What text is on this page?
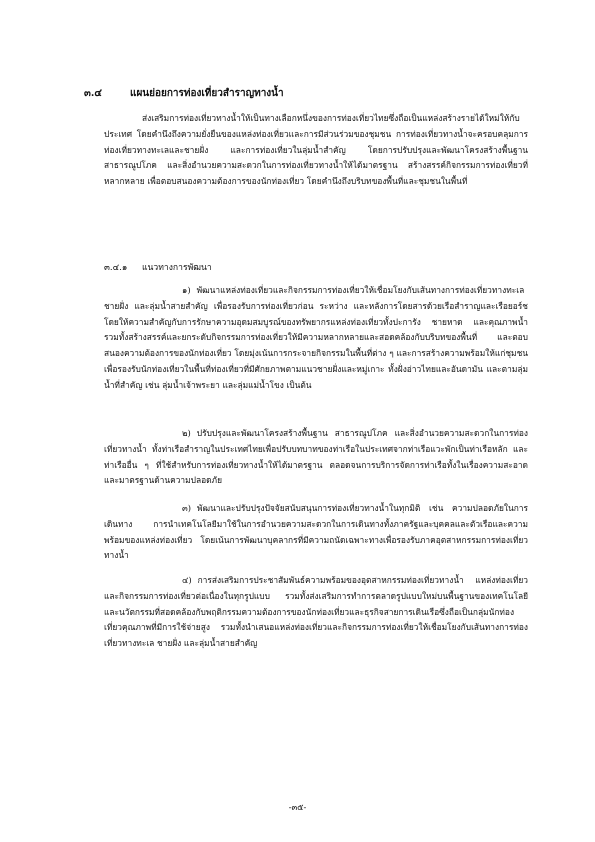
๓.๔	แผนย่อยการท่องเที่ยวสำราญทางน้ำ

ส่งเสริมการท่องเที่ยวทางน้ำให้เป็นทางเลือกหนึ่งของการท่องเที่ยวไทยซึ่งถือเป็นแหล่งสร้างรายได้ใหม่ให้กับประเทศ โดยคำนึงถึงความยั่งยืนของแหล่งท่องเที่ยวและการมีส่วนร่วมของชุมชน การท่องเที่ยวทางน้ำจะครอบคลุมการท่องเที่ยวทางทะเลและชายฝั่ง และการท่องเที่ยวในลุ่มน้ำสำคัญ โดยการปรับปรุงและพัฒนาโครงสร้างพื้นฐาน สาธารณูปโภค และสิ่งอำนวยความสะดวกในการท่องเที่ยวทางน้ำให้ได้มาตรฐาน สร้างสรรค์กิจกรรมการท่องเที่ยวที่หลากหลาย เพื่อตอบสนองความต้องการของนักท่องเที่ยว โดยคำนึงถึงบริบทของพื้นที่และชุมชนในพื้นที่

๓.๔.๑ แนวทางการพัฒนา

๑) พัฒนาแหล่งท่องเที่ยวและกิจกรรมการท่องเที่ยวให้เชื่อมโยงกับเส้นทางการท่องเที่ยวทางทะเล ชายฝั่ง และลุ่มน้ำสายสำคัญ เพื่อรองรับการท่องเที่ยวก่อน ระหว่าง และหลังการโดยสารด้วยเรือสำราญและเรือยอร์ช โดยให้ความสำคัญกับการรักษาความอุดมสมบูรณ์ของทรัพยากรแหล่งท่องเที่ยวทั้งปะการัง ชายหาด และคุณภาพน้ำ รวมทั้งสร้างสรรค์และยกระดับกิจกรรมการท่องเที่ยวให้มีความหลากหลายและสอดคล้องกับบริบทของพื้นที่ และตอบสนองความต้องการของนักท่องเที่ยว โดยมุ่งเน้นการกระจายกิจกรรมในพื้นที่ต่าง ๆ และการสร้างความพร้อมให้แก่ชุมชนเพื่อรองรับนักท่องเที่ยวในพื้นที่ท่องเที่ยวที่มีศักยภาพตามแนวชายฝั่งและหมู่เกาะ ทั้งฝั่งอ่าวไทยและอันดามัน และตามลุ่มน้ำที่สำคัญ เช่น ลุ่มน้ำเจ้าพระยา และลุ่มแม่น้ำโขง เป็นต้น

๒) ปรับปรุงและพัฒนาโครงสร้างพื้นฐาน สาธารณูปโภค และสิ่งอำนวยความสะดวกในการท่องเที่ยวทางน้ำ ทั้งท่าเรือสำราญในประเทศไทยเพื่อปรับบทบาทของท่าเรือในประเทศจากท่าเรือแวะพักเป็นท่าเรือหลัก และท่าเรืออื่น ๆ ที่ใช้สำหรับการท่องเที่ยวทางน้ำให้ได้มาตรฐาน ตลอดจนการบริการจัดการท่าเรือทั้งในเรื่องความสะอาดและมาตรฐานด้านความปลอดภัย

๓) พัฒนาและปรับปรุงปัจจัยสนับสนุนการท่องเที่ยวทางน้ำในทุกมิติ เช่น ความปลอดภัยในการเดินทาง การนำเทคโนโลยีมาใช้ในการอำนวยความสะดวกในการเดินทางทั้งภาครัฐและบุคคลและตัวเรือและความพร้อมของแหล่งท่องเที่ยว โดยเน้นการพัฒนาบุคลากรที่มีความถนัดเฉพาะทางเพื่อรองรับภาคอุตสาหกรรมการท่องเที่ยวทางน้ำ

๔) การส่งเสริมการประชาสัมพันธ์ความพร้อมของอุตสาหกรรมท่องเที่ยวทางน้ำ แหล่งท่องเที่ยว และกิจกรรมการท่องเที่ยวต่อเนื่องในทุกรูปแบบ รวมทั้งส่งเสริมการทำการตลาดรูปแบบใหม่บนพื้นฐานของเทคโนโลยีและนวัตกรรมที่สอดคล้องกับพฤติกรรมความต้องการของนักท่องเที่ยวและธุรกิจสายการเดินเรือซึ่งถือเป็นกลุ่มนักท่องเที่ยวคุณภาพที่มีการใช้จ่ายสูง รวมทั้งนำเสนอแหล่งท่องเที่ยวและกิจกรรมการท่องเที่ยวให้เชื่อมโยงกับเส้นทางการท่องเที่ยวทางทะเล ชายฝั่ง และลุ่มน้ำสายสำคัญ

-๓๕-
